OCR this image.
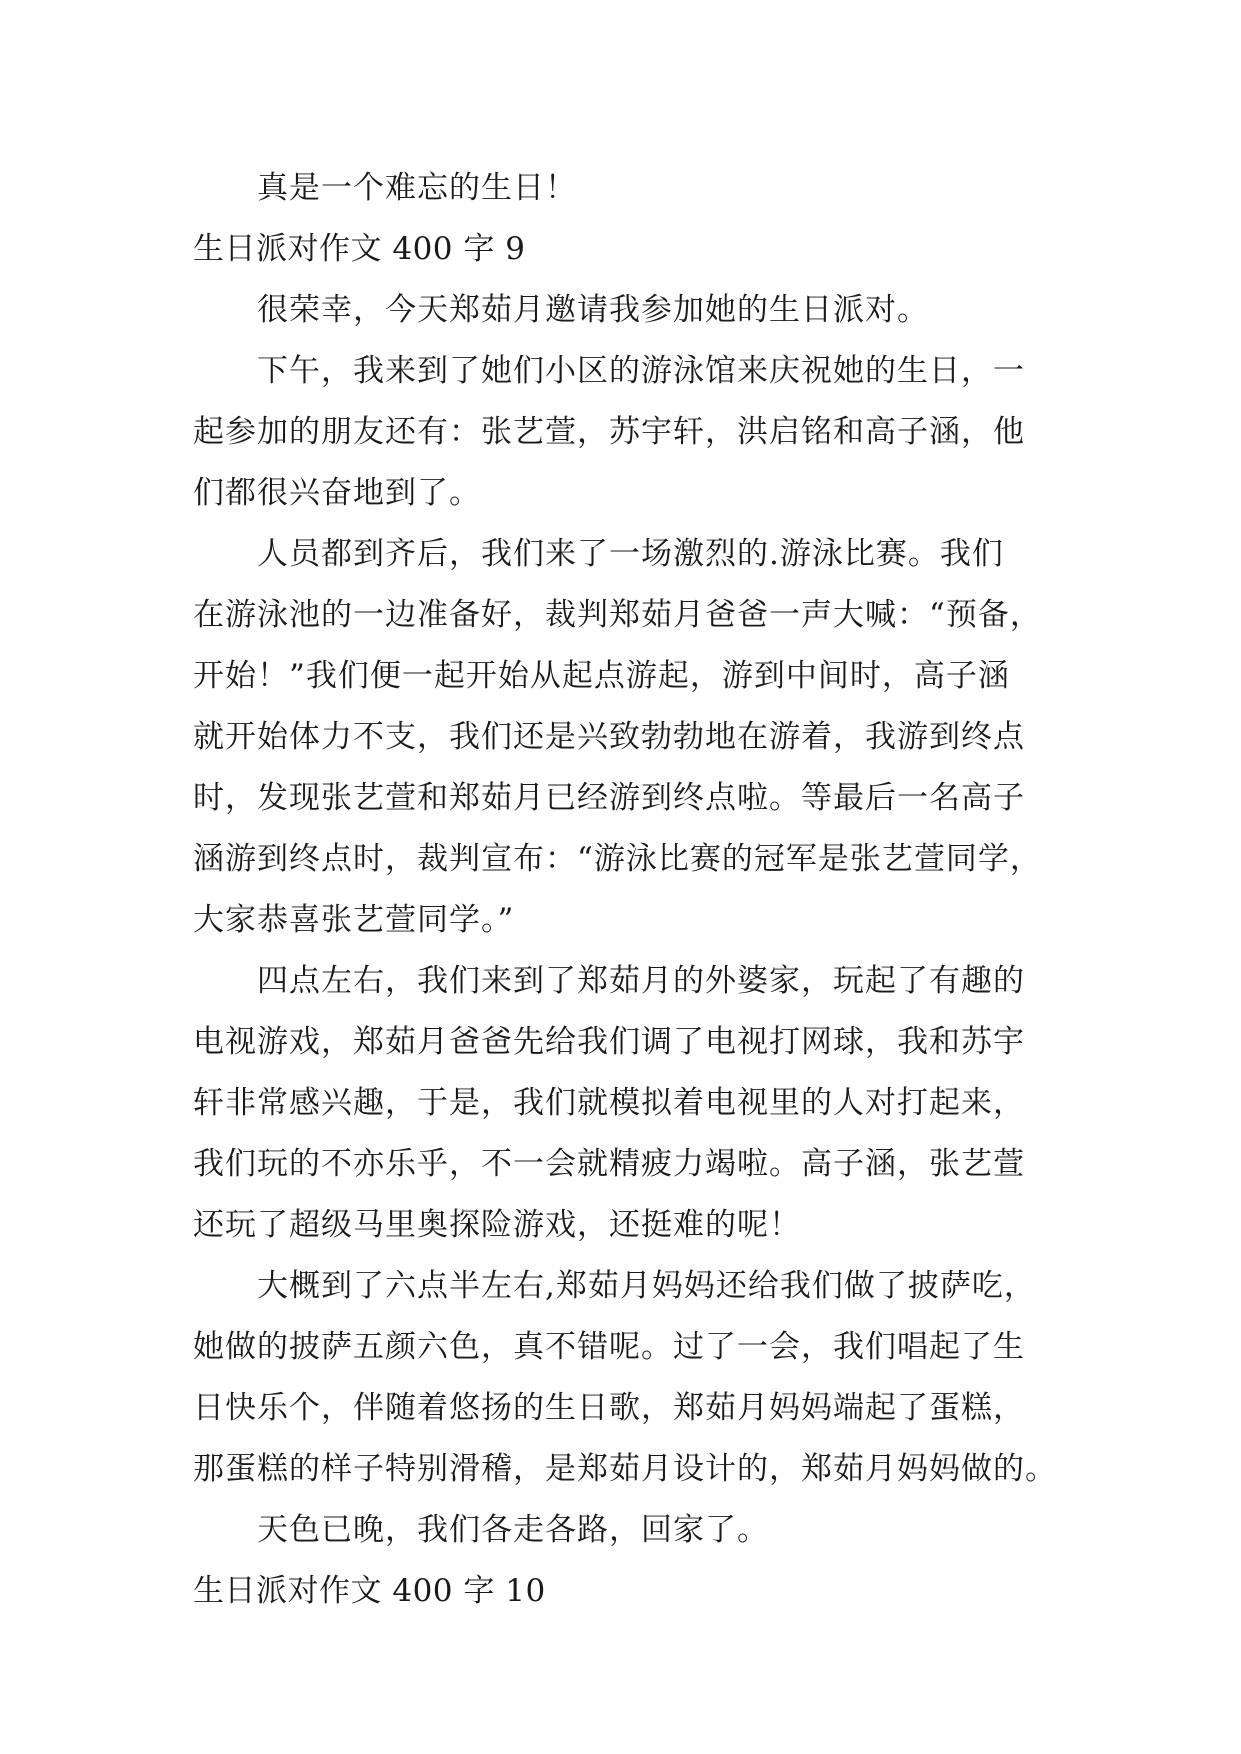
真是一个难忘的生日！
生日派对作文 400 字 9
很荣幸，今天郑茹月邀请我参加她的生日派对。
下午，我来到了她们小区的游泳馆来庆祝她的生日，一
起参加的朋友还有：张艺萱，苏宇轩，洪启铭和高子涵，他
们都很兴奋地到了。
人员都到齐后，我们来了一场激烈的.游泳比赛。我们
在游泳池的一边准备好，裁判郑茹月爸爸一声大喊：“预备，
开始！”我们便一起开始从起点游起，游到中间时，高子涵
就开始体力不支，我们还是兴致勃勃地在游着，我游到终点
时，发现张艺萱和郑茹月已经游到终点啦。等最后一名高子
涵游到终点时，裁判宣布：“游泳比赛的冠军是张艺萱同学，
大家恭喜张艺萱同学。”
四点左右，我们来到了郑茹月的外婆家，玩起了有趣的
电视游戏，郑茹月爸爸先给我们调了电视打网球，我和苏宇
轩非常感兴趣，于是，我们就模拟着电视里的人对打起来，
我们玩的不亦乐乎，不一会就精疲力竭啦。高子涵，张艺萱
还玩了超级马里奥探险游戏，还挺难的呢！
大概到了六点半左右,郑茹月妈妈还给我们做了披萨吃，
她做的披萨五颜六色，真不错呢。过了一会，我们唱起了生
日快乐个，伴随着悠扬的生日歌，郑茹月妈妈端起了蛋糕，
那蛋糕的样子特别滑稽，是郑茹月设计的，郑茹月妈妈做的。
天色已晚，我们各走各路，回家了。
生日派对作文 400 字 10
